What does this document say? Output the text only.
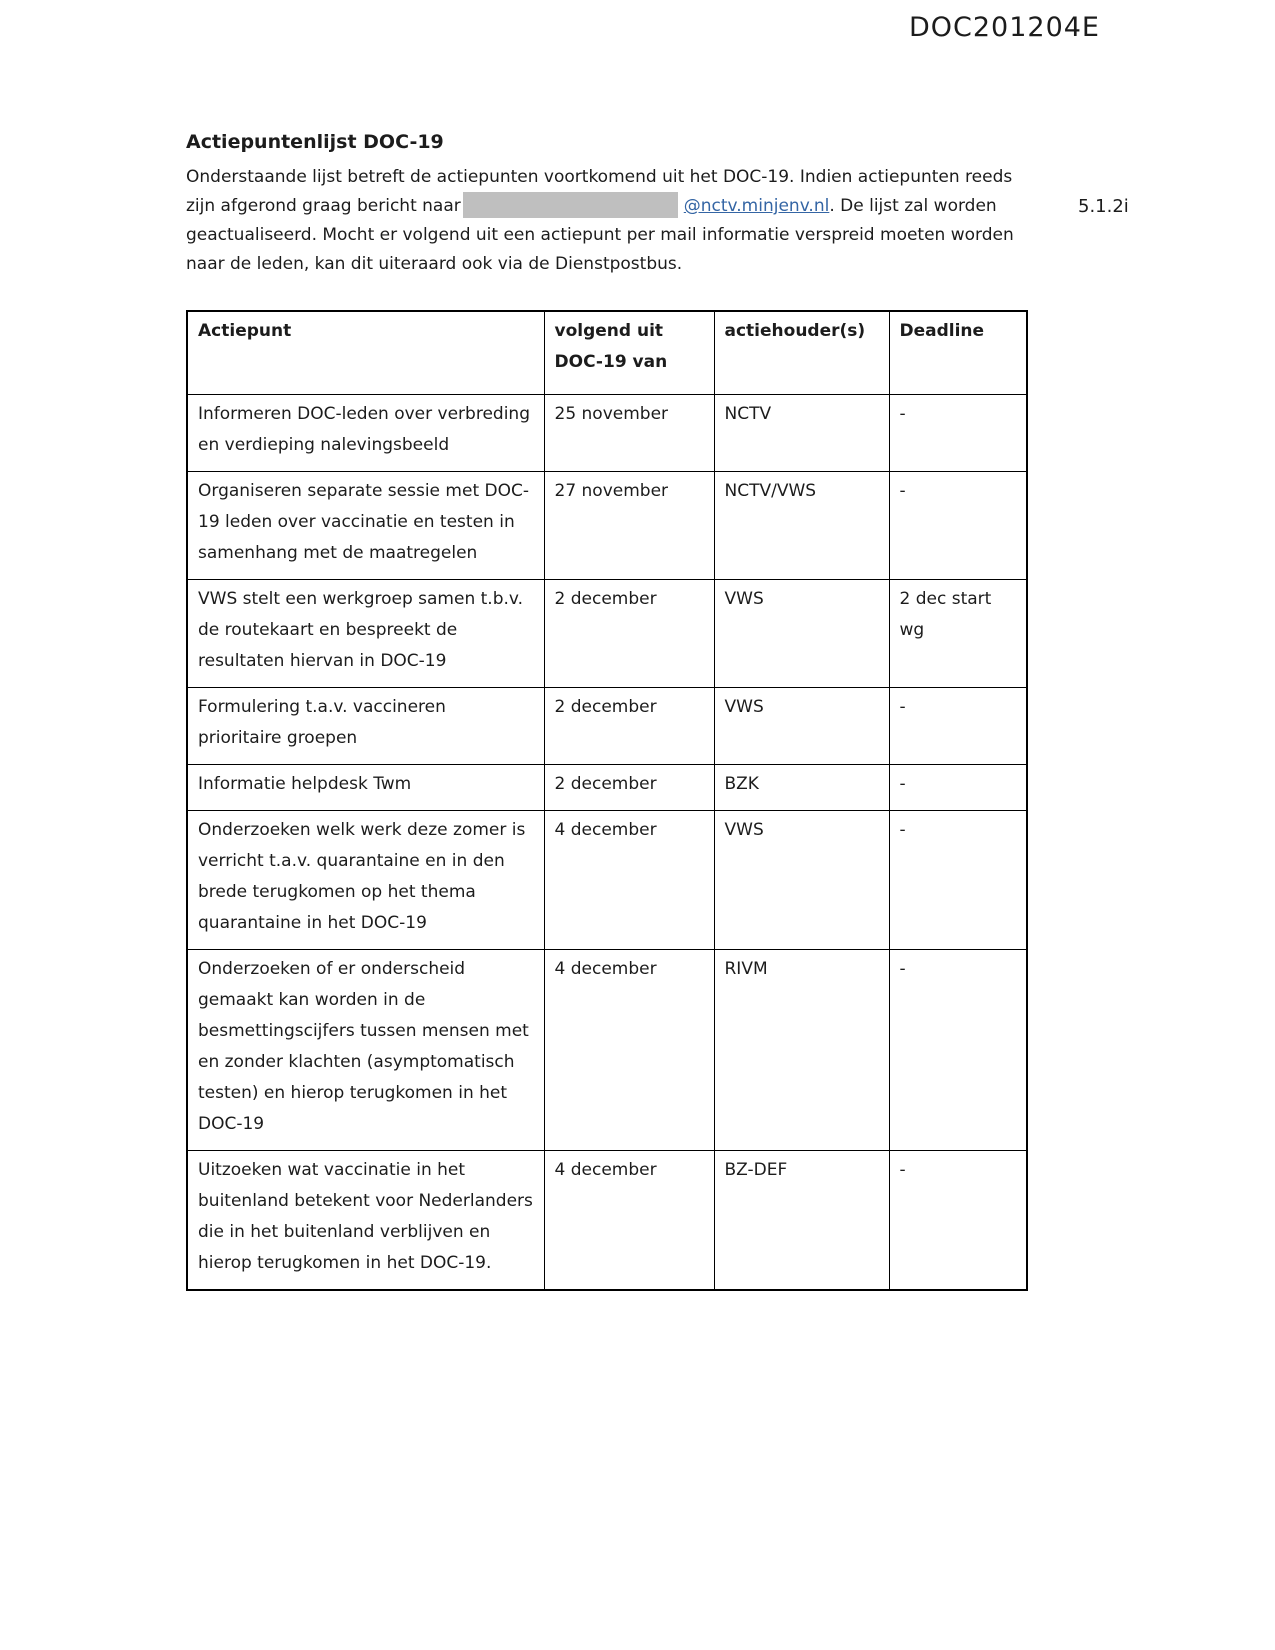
DOC201204E
Actiepuntenlijst DOC-19

Onderstaande lijst betreft de actiepunten voortkomend uit het DOC-19. Indien actiepunten reeds zijn afgerond graag bericht naar	@nctv.minjenv.nl. De lijst zal worden geactualiseerd. Mocht er volgend uit een actiepunt per mail informatie verspreid moeten worden naar de leden, kan dit uiteraard ook via de Dienstpostbus.

5.1.2i
Actiepunt	volgend uit DOC-19 van	actiehouder(s)	Deadline
Informeren DOC-leden over verbreding en verdieping nalevingsbeeld	25 november	NCTV	-
Organiseren separate sessie met DOC-19 leden over vaccinatie en testen in samenhang met de maatregelen	27 november	NCTV/VWS	-
VWS stelt een werkgroep samen t.b.v. de routekaart en bespreekt de resultaten hiervan in DOC-19	2 december	VWS	2 dec start wg
Formulering t.a.v. vaccineren prioritaire groepen	2 december	VWS	-
Informatie helpdesk Twm	2 december	BZK	-
Onderzoeken welk werk deze zomer is verricht t.a.v. quarantaine en in den brede terugkomen op het thema quarantaine in het DOC-19	4 december	VWS	-
Onderzoeken of er onderscheid gemaakt kan worden in de besmettingscijfers tussen mensen met en zonder klachten (asymptomatisch testen) en hierop terugkomen in het DOC-19	4 december	RIVM	-
Uitzoeken wat vaccinatie in het buitenland betekent voor Nederlanders die in het buitenland verblijven en hierop terugkomen in het DOC-19.	4 december	BZ-DEF	-
